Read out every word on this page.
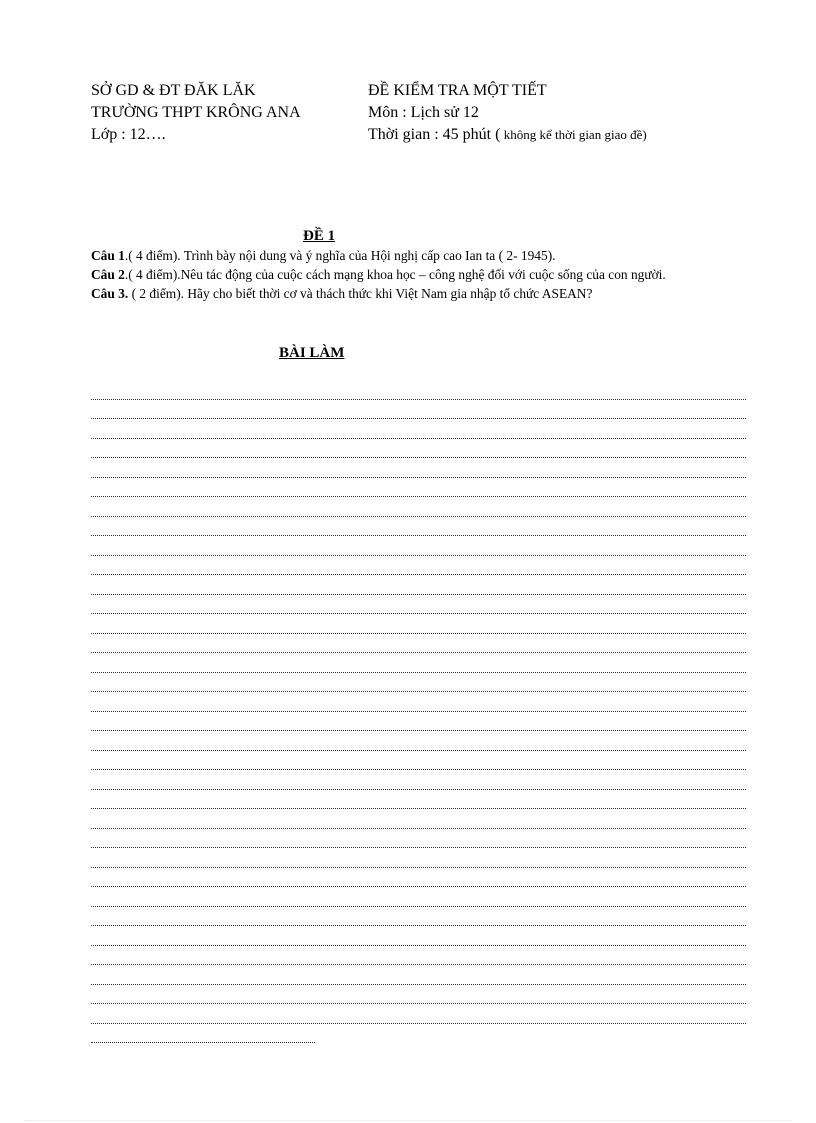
SỞ GD & ĐT ĐĂK LĂK
TRƯỜNG THPT KRÔNG ANA
Lớp : 12….
ĐỀ KIỂM TRA MỘT TIẾT
Môn : Lịch sử 12
Thời gian : 45 phút ( không kể thời gian giao đề)
ĐỀ 1

Câu 1.( 4 điểm). Trình bày nội dung và ý nghĩa của Hội nghị cấp cao Ian ta ( 2- 1945).

Câu 2.( 4 điểm).Nêu tác động của cuộc cách mạng khoa học – công nghệ đối với cuộc sống của con người.

Câu 3. ( 2 điểm). Hãy cho biết thời cơ và thách thức khi Việt Nam gia nhập tổ chức ASEAN?

BÀI LÀM
